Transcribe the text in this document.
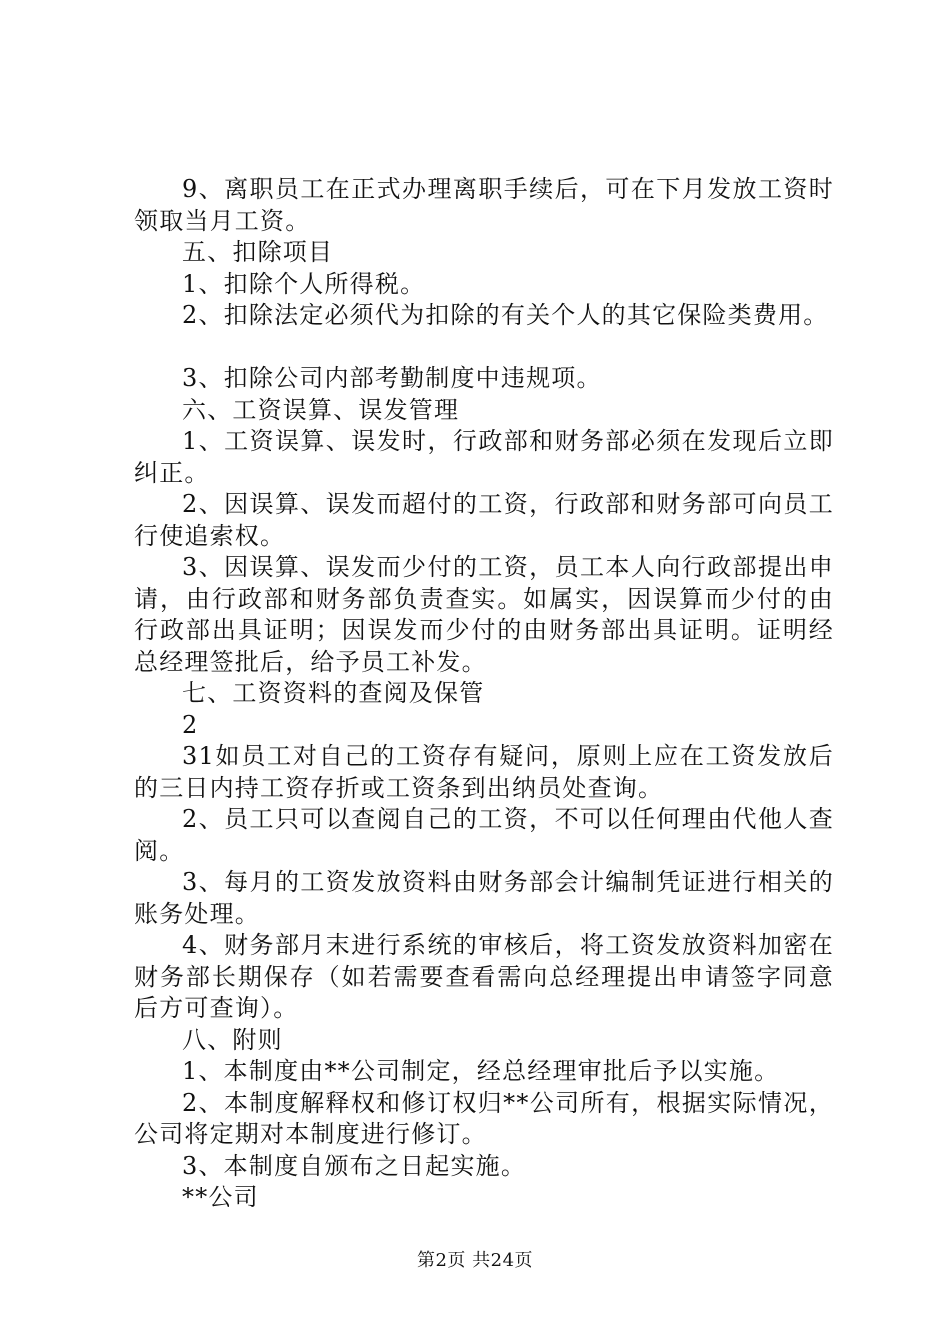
9、离职员工在正式办理离职手续后，可在下月发放工资时领取当月工资。

五、扣除项目

1、扣除个人所得税。

2、扣除法定必须代为扣除的有关个人的其它保险类费用。

3、扣除公司内部考勤制度中违规项。

六、工资误算、误发管理

1、工资误算、误发时，行政部和财务部必须在发现后立即纠正。

2、因误算、误发而超付的工资，行政部和财务部可向员工行使追索权。

3、因误算、误发而少付的工资，员工本人向行政部提出申请，由行政部和财务部负责查实。如属实，因误算而少付的由行政部出具证明；因误发而少付的由财务部出具证明。证明经总经理签批后，给予员工补发。

七、工资资料的查阅及保管

2

31如员工对自己的工资存有疑问，原则上应在工资发放后的三日内持工资存折或工资条到出纳员处查询。

2、员工只可以查阅自己的工资，不可以任何理由代他人查阅。

3、每月的工资发放资料由财务部会计编制凭证进行相关的账务处理。

4、财务部月末进行系统的审核后，将工资发放资料加密在财务部长期保存（如若需要查看需向总经理提出申请签字同意后方可查询）。

八、附则

1、本制度由**公司制定，经总经理审批后予以实施。

2、本制度解释权和修订权归**公司所有，根据实际情况，公司将定期对本制度进行修订。

3、本制度自颁布之日起实施。

**公司

第2页 共24页
